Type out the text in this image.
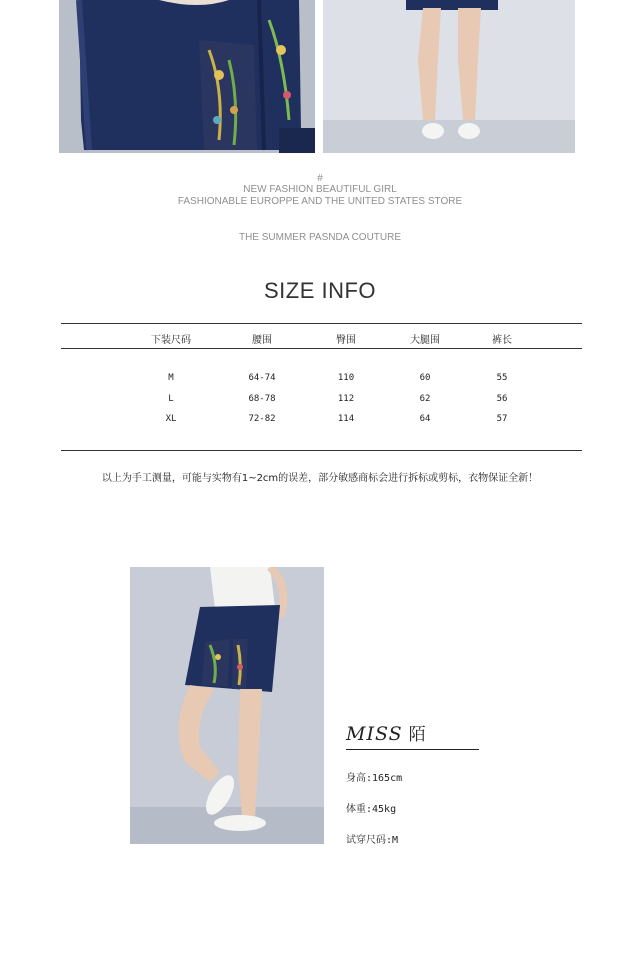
#
NEW FASHION BEAUTIFUL GIRL
FASHIONABLE EUROPPE AND THE UNITED STATES STORE
THE SUMMER PASNDA COUTURE
SIZE INFO
下装尺码	腰围	臀围	大腿围	裤长
M	64-74	110	60	55
L	68-78	112	62	56
XL	72-82	114	64	57
以上为手工测量，可能与实物有1~2cm的误差，部分敏感商标会进行拆标或剪标，衣物保证全新！
MISS 陌
身高:165cm
体重:45kg
试穿尺码:M
